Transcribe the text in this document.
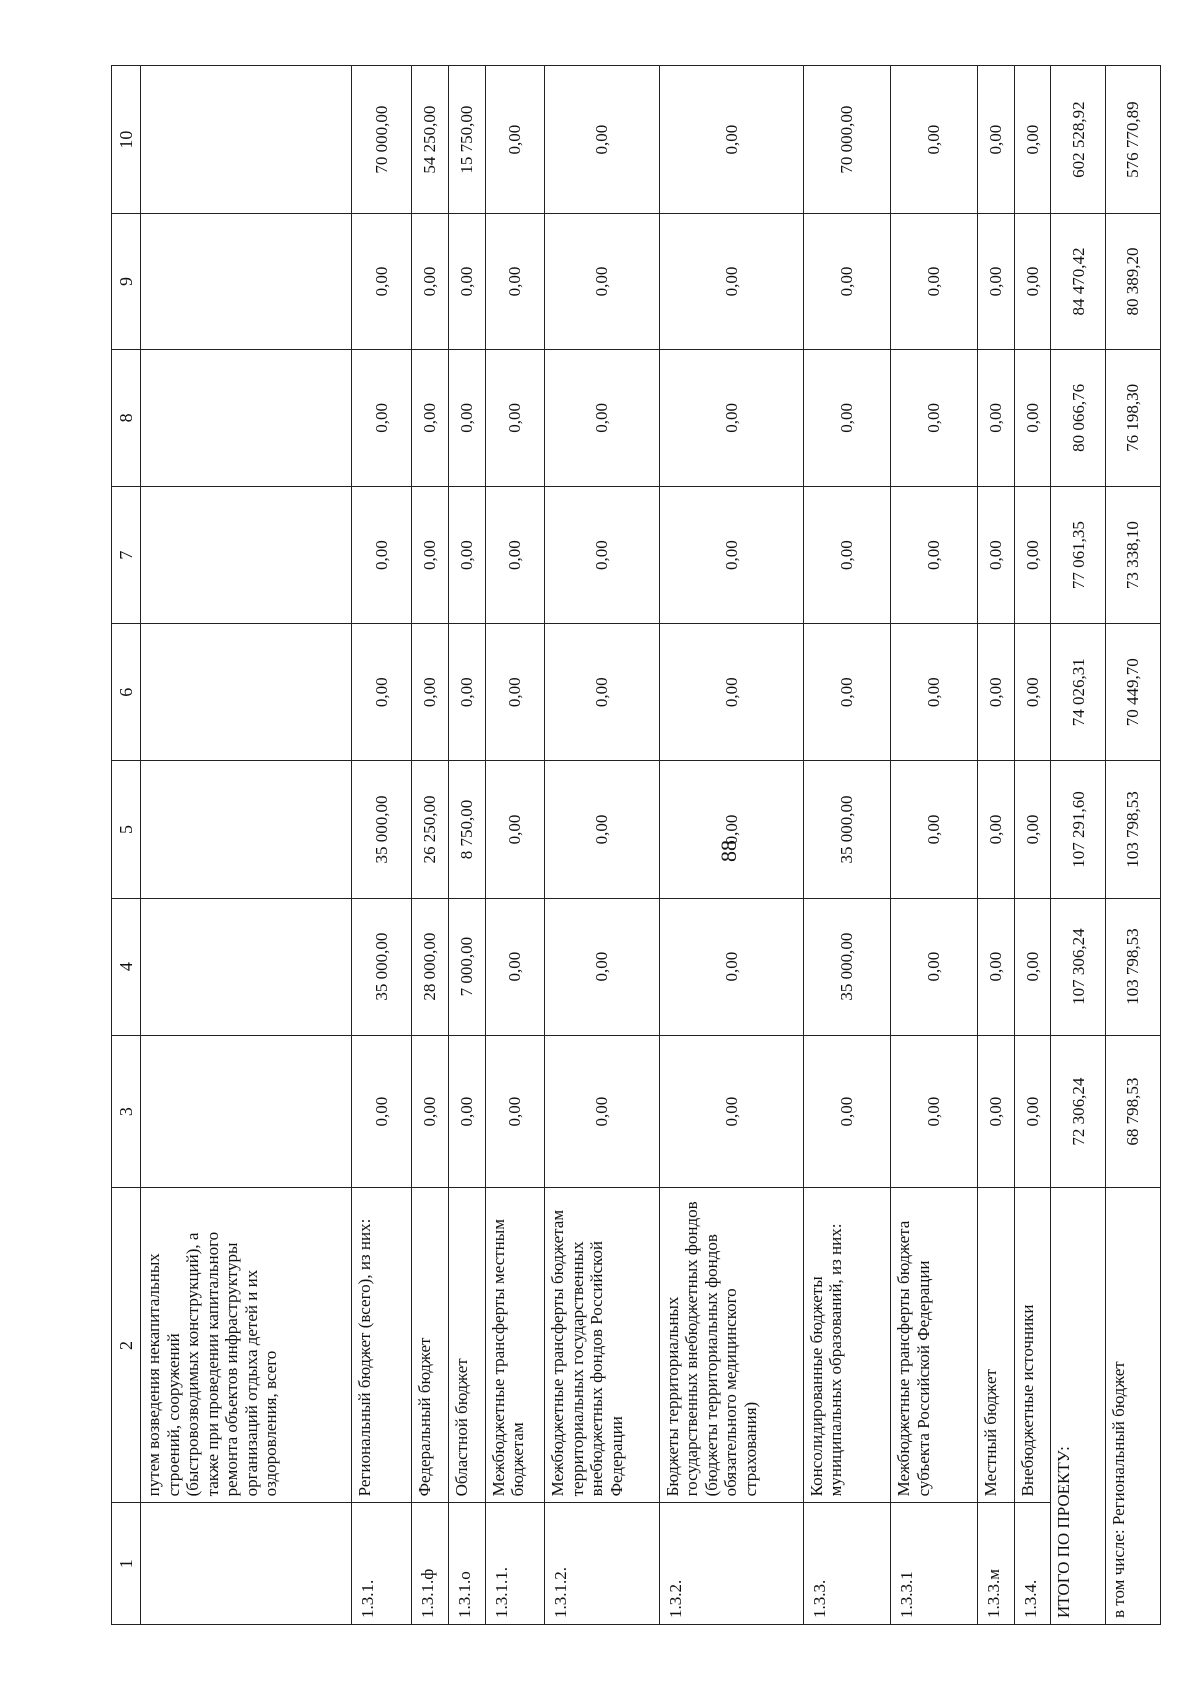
88
1	2	3	4	5	6	7	8	9	10
	путем возведения некапитальных строений, сооружений (быстровозводимых конструкций), а также при проведении капитального ремонта объектов инфраструктуры организаций отдыха детей и их оздоровления, всего								
1.3.1.	Региональный бюджет (всего), из них:	0,00	35 000,00	35 000,00	0,00	0,00	0,00	0,00	70 000,00
1.3.1.ф	Федеральный бюджет	0,00	28 000,00	26 250,00	0,00	0,00	0,00	0,00	54 250,00
1.3.1.о	Областной бюджет	0,00	7 000,00	8 750,00	0,00	0,00	0,00	0,00	15 750,00
1.3.1.1.	Межбюджетные трансферты местным бюджетам	0,00	0,00	0,00	0,00	0,00	0,00	0,00	0,00
1.3.1.2.	Межбюджетные трансферты бюджетам территориальных государственных внебюджетных фондов Российской Федерации	0,00	0,00	0,00	0,00	0,00	0,00	0,00	0,00
1.3.2.	Бюджеты территориальных государственных внебюджетных фондов (бюджеты территориальных фондов обязательного медицинского страхования)	0,00	0,00	0,00	0,00	0,00	0,00	0,00	0,00
1.3.3.	Консолидированные бюджеты муниципальных образований, из них:	0,00	35 000,00	35 000,00	0,00	0,00	0,00	0,00	70 000,00
1.3.3.1	Межбюджетные трансферты бюджета субъекта Российской Федерации	0,00	0,00	0,00	0,00	0,00	0,00	0,00	0,00
1.3.3.м	Местный бюджет	0,00	0,00	0,00	0,00	0,00	0,00	0,00	0,00
1.3.4.	Внебюджетные источники	0,00	0,00	0,00	0,00	0,00	0,00	0,00	0,00
ИТОГО ПО ПРОЕКТУ:		72 306,24	107 306,24	107 291,60	74 026,31	77 061,35	80 066,76	84 470,42	602 528,92
в том числе: Региональный бюджет		68 798,53	103 798,53	103 798,53	70 449,70	73 338,10	76 198,30	80 389,20	576 770,89
